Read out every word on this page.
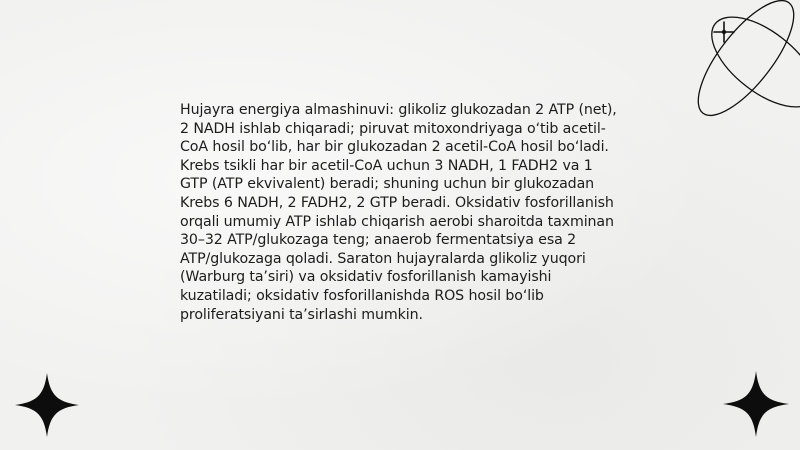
Hujayra energiya almashinuvi: glikoliz glukozadan 2 ATP (net), 2 NADH ishlab chiqaradi; piruvat mitoxondriyaga o‘tib acetil-CoA hosil bo‘lib, har bir glukozadan 2 acetil-CoA hosil bo‘ladi. Krebs tsikli har bir acetil-CoA uchun 3 NADH, 1 FADH2 va 1 GTP (ATP ekvivalent) beradi; shuning uchun bir glukozadan Krebs 6 NADH, 2 FADH2, 2 GTP beradi. Oksidativ fosforillanish orqali umumiy ATP ishlab chiqarish aerobi sharoitda taxminan 30–32 ATP/glukozaga teng; anaerob fermentatsiya esa 2 ATP/glukozaga qoladi. Saraton hujayralarda glikoliz yuqori (Warburg ta’siri) va oksidativ fosforillanish kamayishi kuzatiladi; oksidativ fosforillanishda ROS hosil bo‘lib proliferatsiyani ta’sirlashi mumkin.
